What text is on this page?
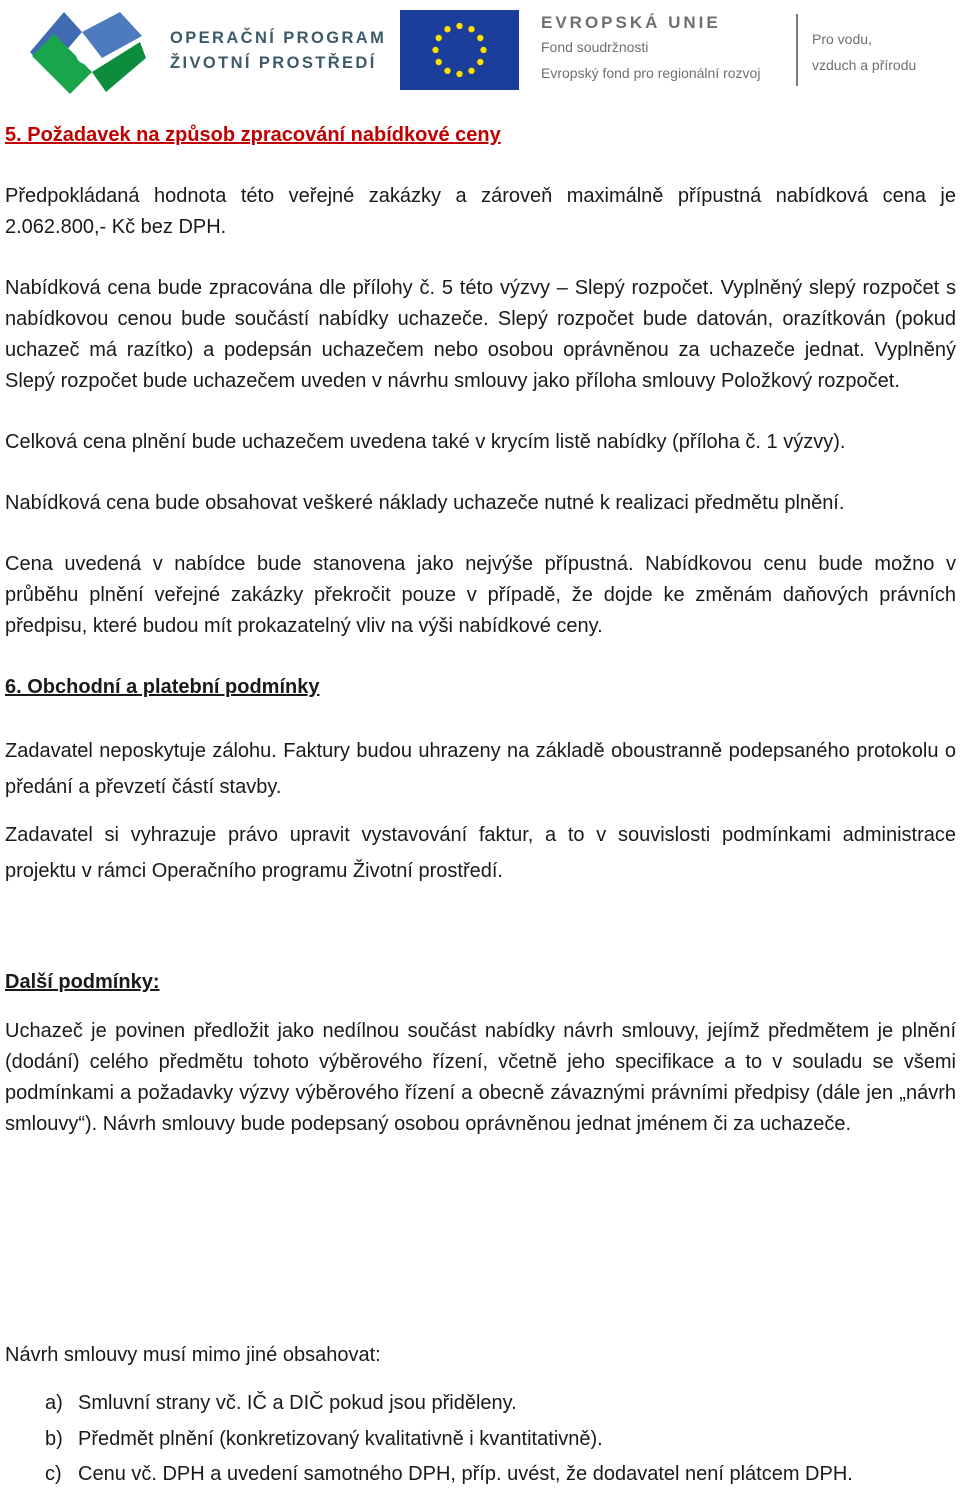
OPERAČNÍ PROGRAM
ŽIVOTNÍ PROSTŘEDÍ
EVROPSKÁ UNIE
Fond soudržnosti
Evropský fond pro regionální rozvoj
Pro vodu,
vzduch a přírodu
5. Požadavek na způsob zpracování nabídkové ceny

Předpokládaná hodnota této veřejné zakázky a zároveň maximálně přípustná nabídková cena je 2.062.800,- Kč bez DPH.

Nabídková cena bude zpracována dle přílohy č. 5 této výzvy – Slepý rozpočet. Vyplněný slepý rozpočet s nabídkovou cenou bude součástí nabídky uchazeče. Slepý rozpočet bude datován, orazítkován (pokud uchazeč má razítko) a podepsán uchazečem nebo osobou oprávněnou za uchazeče jednat. Vyplněný Slepý rozpočet bude uchazečem uveden v návrhu smlouvy jako příloha smlouvy Položkový rozpočet.

Celková cena plnění bude uchazečem uvedena také v krycím listě nabídky (příloha č. 1 výzvy).

Nabídková cena bude obsahovat veškeré náklady uchazeče nutné k realizaci předmětu plnění.

Cena uvedená v nabídce bude stanovena jako nejvýše přípustná. Nabídkovou cenu bude možno v průběhu plnění veřejné zakázky překročit pouze v případě, že dojde ke změnám daňových právních předpisu, které budou mít prokazatelný vliv na výši nabídkové ceny.

6. Obchodní a platební podmínky

Zadavatel neposkytuje zálohu. Faktury budou uhrazeny na základě oboustranně podepsaného protokolu o předání a převzetí částí stavby.

Zadavatel si vyhrazuje právo upravit vystavování faktur, a to v souvislosti podmínkami administrace projektu v rámci Operačního programu Životní prostředí.

Další podmínky:

Uchazeč je povinen předložit jako nedílnou součást nabídky návrh smlouvy, jejímž předmětem je plnění (dodání) celého předmětu tohoto výběrového řízení, včetně jeho specifikace a to v souladu se všemi podmínkami a požadavky výzvy výběrového řízení a obecně závaznými právními předpisy (dále jen „návrh smlouvy“). Návrh smlouvy bude podepsaný osobou oprávněnou jednat jménem či za uchazeče.

Návrh smlouvy musí mimo jiné obsahovat:

a) Smluvní strany vč. IČ a DIČ pokud jsou přiděleny.
b) Předmět plnění (konkretizovaný kvalitativně i kvantitativně).
c) Cenu vč. DPH a uvedení samotného DPH, příp. uvést, že dodavatel není plátcem DPH.
